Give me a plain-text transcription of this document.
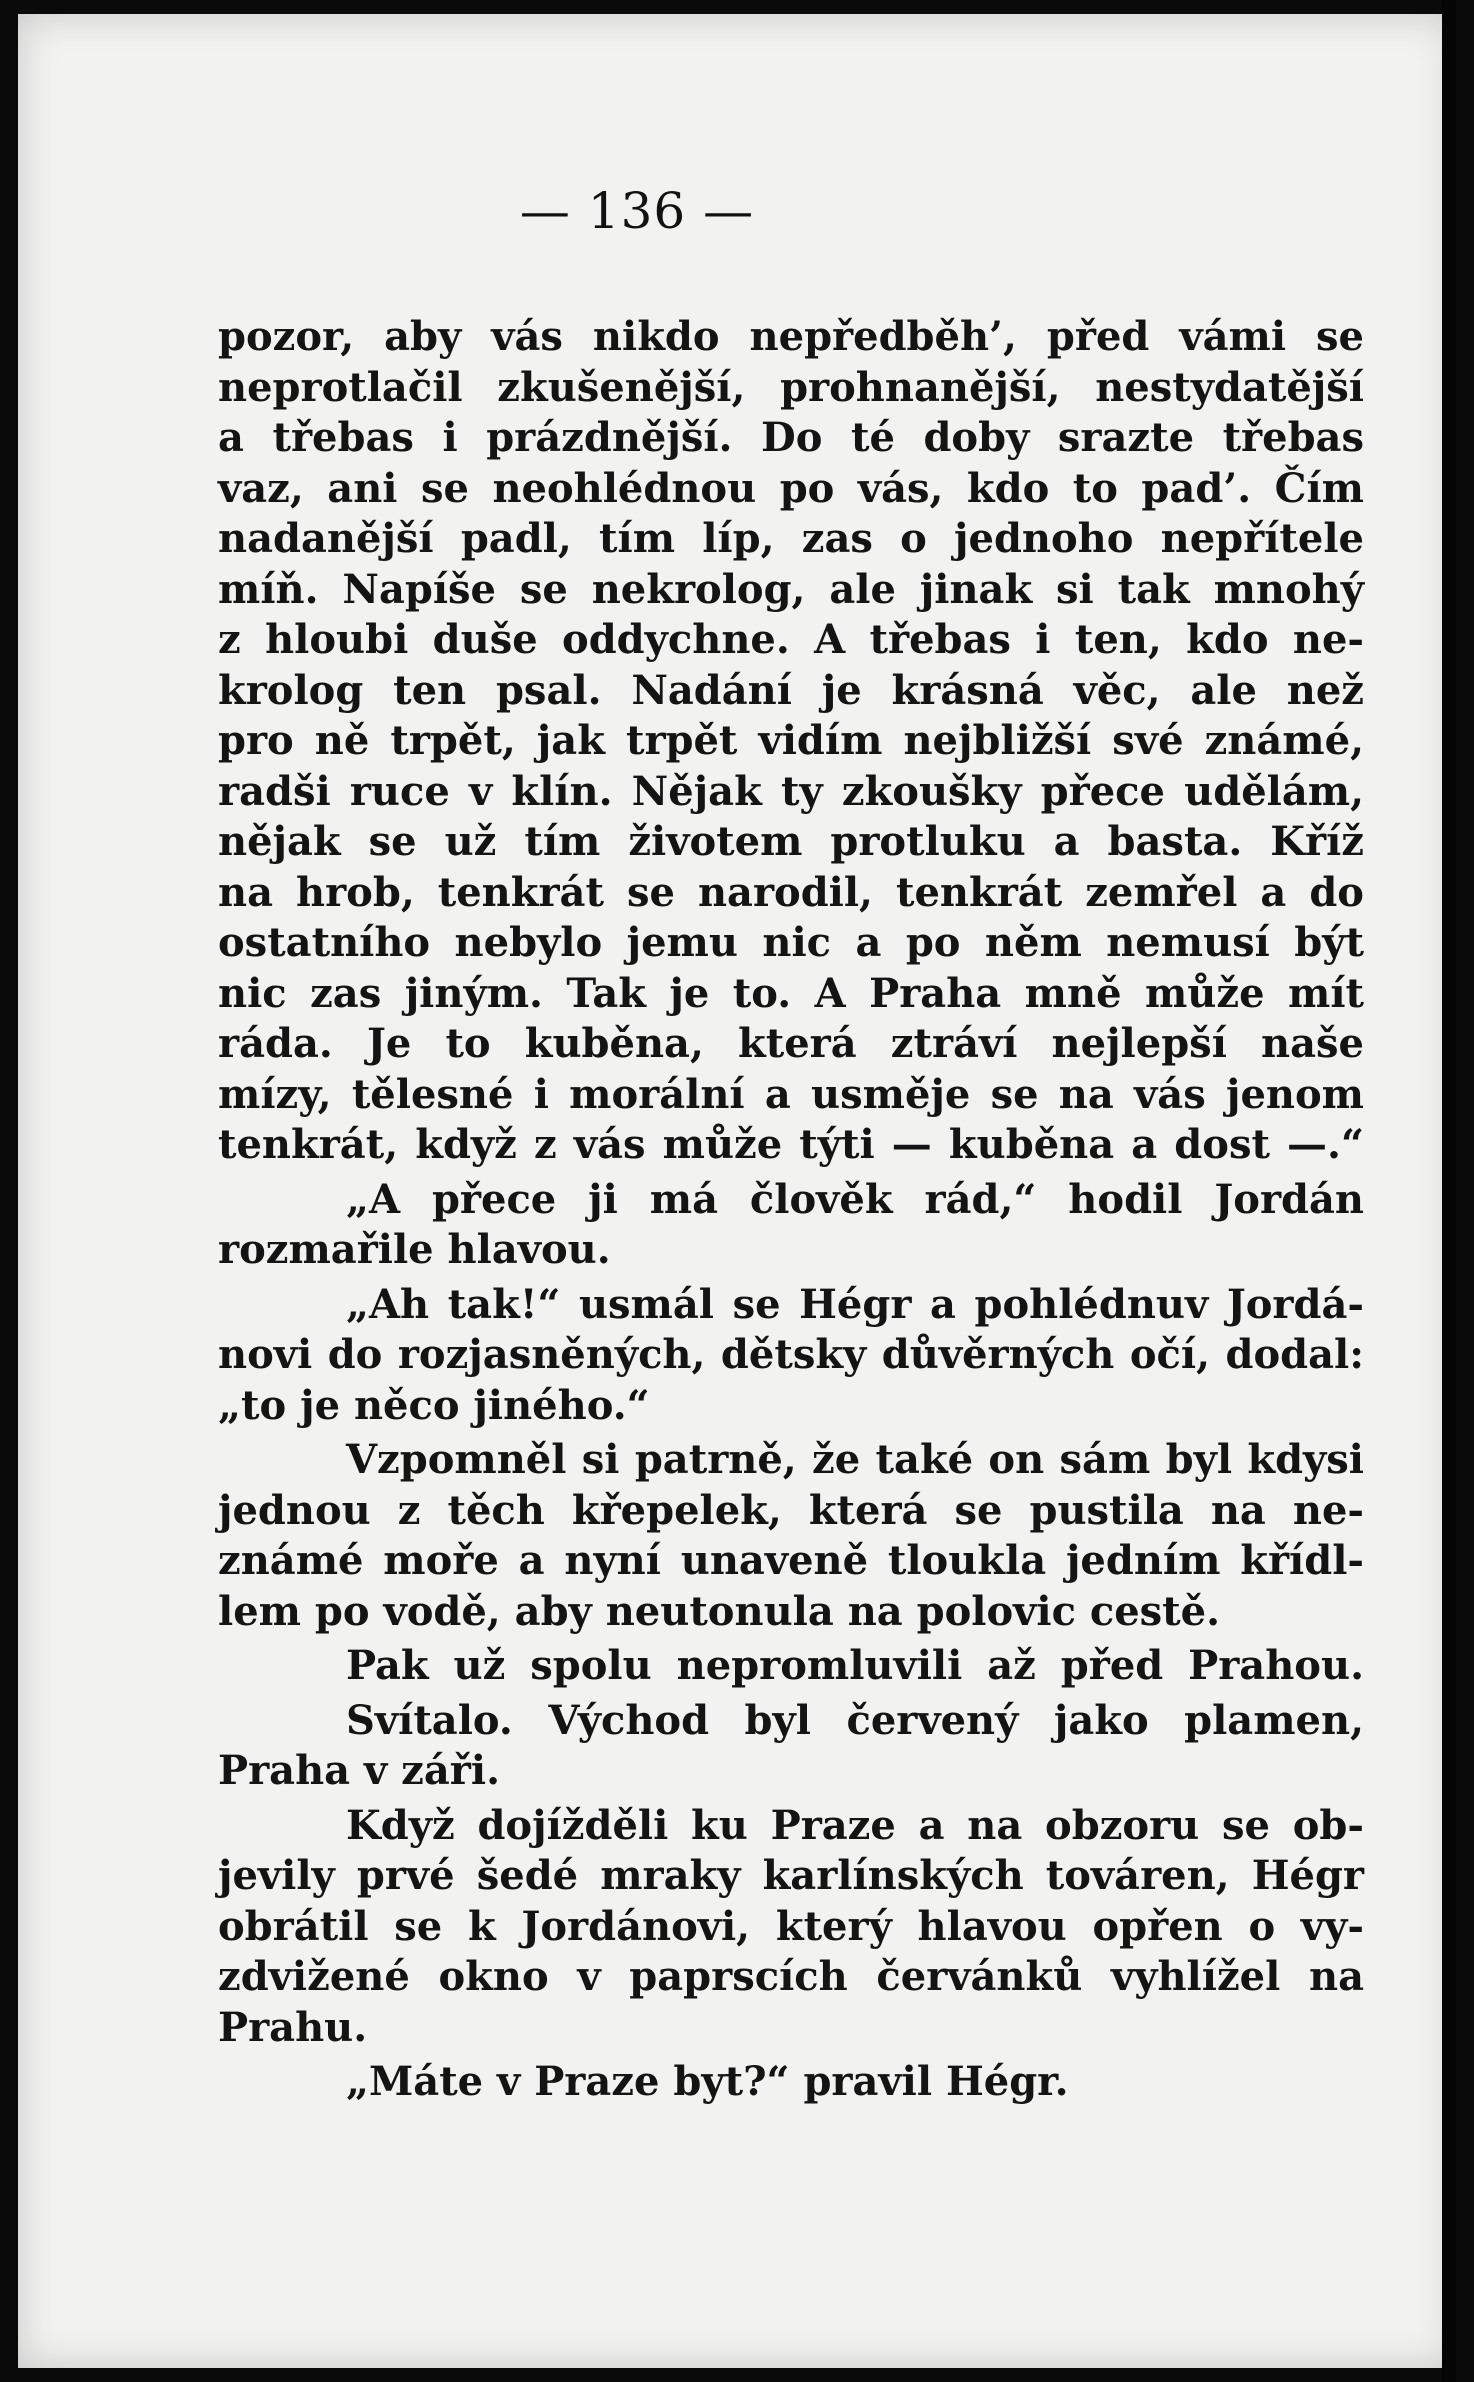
— 136 —
pozor, aby vás nikdo nepředběh’, před vámi se
neprotlačil zkušenější, prohnanější, nestydatější
a třebas i prázdnější. Do té doby srazte třebas
vaz, ani se neohlédnou po vás, kdo to pad’. Čím
nadanější padl, tím líp, zas o jednoho nepřítele
míň. Napíše se nekrolog, ale jinak si tak mnohý
z hloubi duše oddychne. A třebas i ten, kdo ne-
krolog ten psal. Nadání je krásná věc, ale než
pro ně trpět, jak trpět vidím nejbližší své známé,
radši ruce v klín. Nějak ty zkoušky přece udělám,
nějak se už tím životem protluku a basta. Kříž
na hrob, tenkrát se narodil, tenkrát zemřel a do
ostatního nebylo jemu nic a po něm nemusí být
nic zas jiným. Tak je to. A Praha mně může mít
ráda. Je to kuběna, která ztráví nejlepší naše
mízy, tělesné i morální a usměje se na vás jenom
tenkrát, když z vás může týti — kuběna a dost —.“
„A přece ji má člověk rád,“ hodil Jordán
rozmařile hlavou.
„Ah tak!“ usmál se Hégr a pohlédnuv Jordá-
novi do rozjasněných, dětsky důvěrných očí, dodal:
„to je něco jiného.“
Vzpomněl si patrně, že také on sám byl kdysi
jednou z těch křepelek, která se pustila na ne-
známé moře a nyní unaveně tloukla jedním křídl-
lem po vodě, aby neutonula na polovic cestě.
Pak už spolu nepromluvili až před Prahou.
Svítalo. Východ byl červený jako plamen,
Praha v záři.
Když dojížděli ku Praze a na obzoru se ob-
jevily prvé šedé mraky karlínských továren, Hégr
obrátil se k Jordánovi, který hlavou opřen o vy-
zdvižené okno v paprscích červánků vyhlížel na
Prahu.
„Máte v Praze byt?“ pravil Hégr.
